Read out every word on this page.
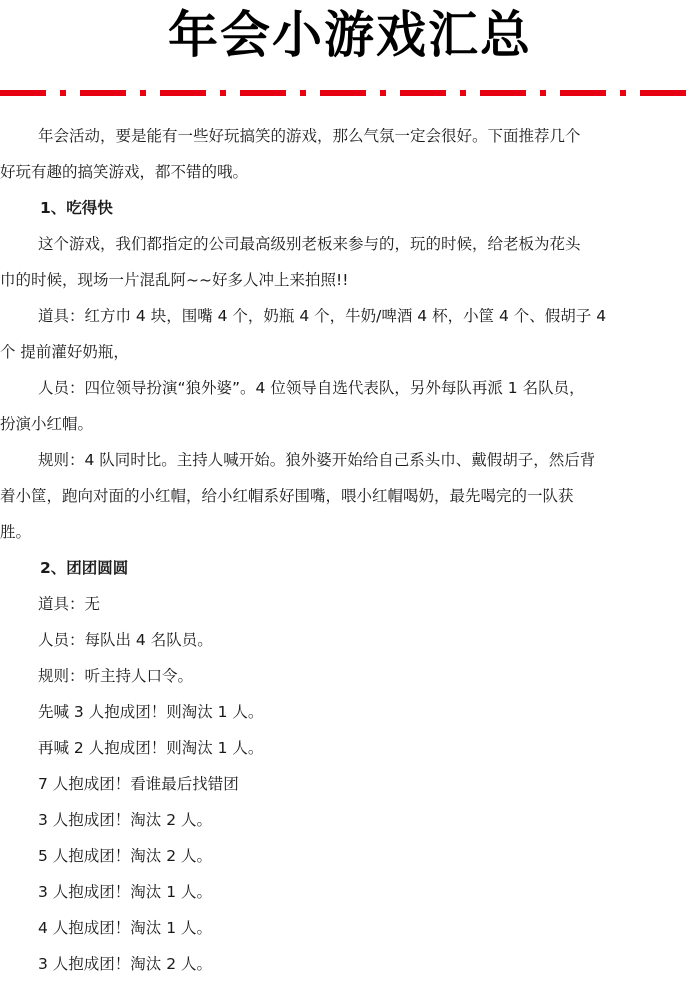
年会小游戏汇总

年会活动，要是能有一些好玩搞笑的游戏，那么气氛一定会很好。下面推荐几个

好玩有趣的搞笑游戏，都不错的哦。

1、吃得快

这个游戏，我们都指定的公司最高级别老板来参与的，玩的时候，给老板为花头

巾的时候，现场一片混乱阿~~好多人冲上来拍照!!

道具：红方巾 4 块，围嘴 4 个，奶瓶 4 个，牛奶/啤酒 4 杯，小筐 4 个、假胡子 4

个 提前灌好奶瓶，

人员：四位领导扮演“狼外婆”。4 位领导自选代表队，另外每队再派 1 名队员，

扮演小红帽。

规则：4 队同时比。主持人喊开始。狼外婆开始给自己系头巾、戴假胡子，然后背

着小筐，跑向对面的小红帽，给小红帽系好围嘴，喂小红帽喝奶，最先喝完的一队获

胜。

2、团团圆圆

道具：无

人员：每队出 4 名队员。

规则：听主持人口令。

先喊 3 人抱成团！则淘汰 1 人。

再喊 2 人抱成团！则淘汰 1 人。

7 人抱成团！看谁最后找错团

3 人抱成团！淘汰 2 人。

5 人抱成团！淘汰 2 人。

3 人抱成团！淘汰 1 人。

4 人抱成团！淘汰 1 人。

3 人抱成团！淘汰 2 人。
